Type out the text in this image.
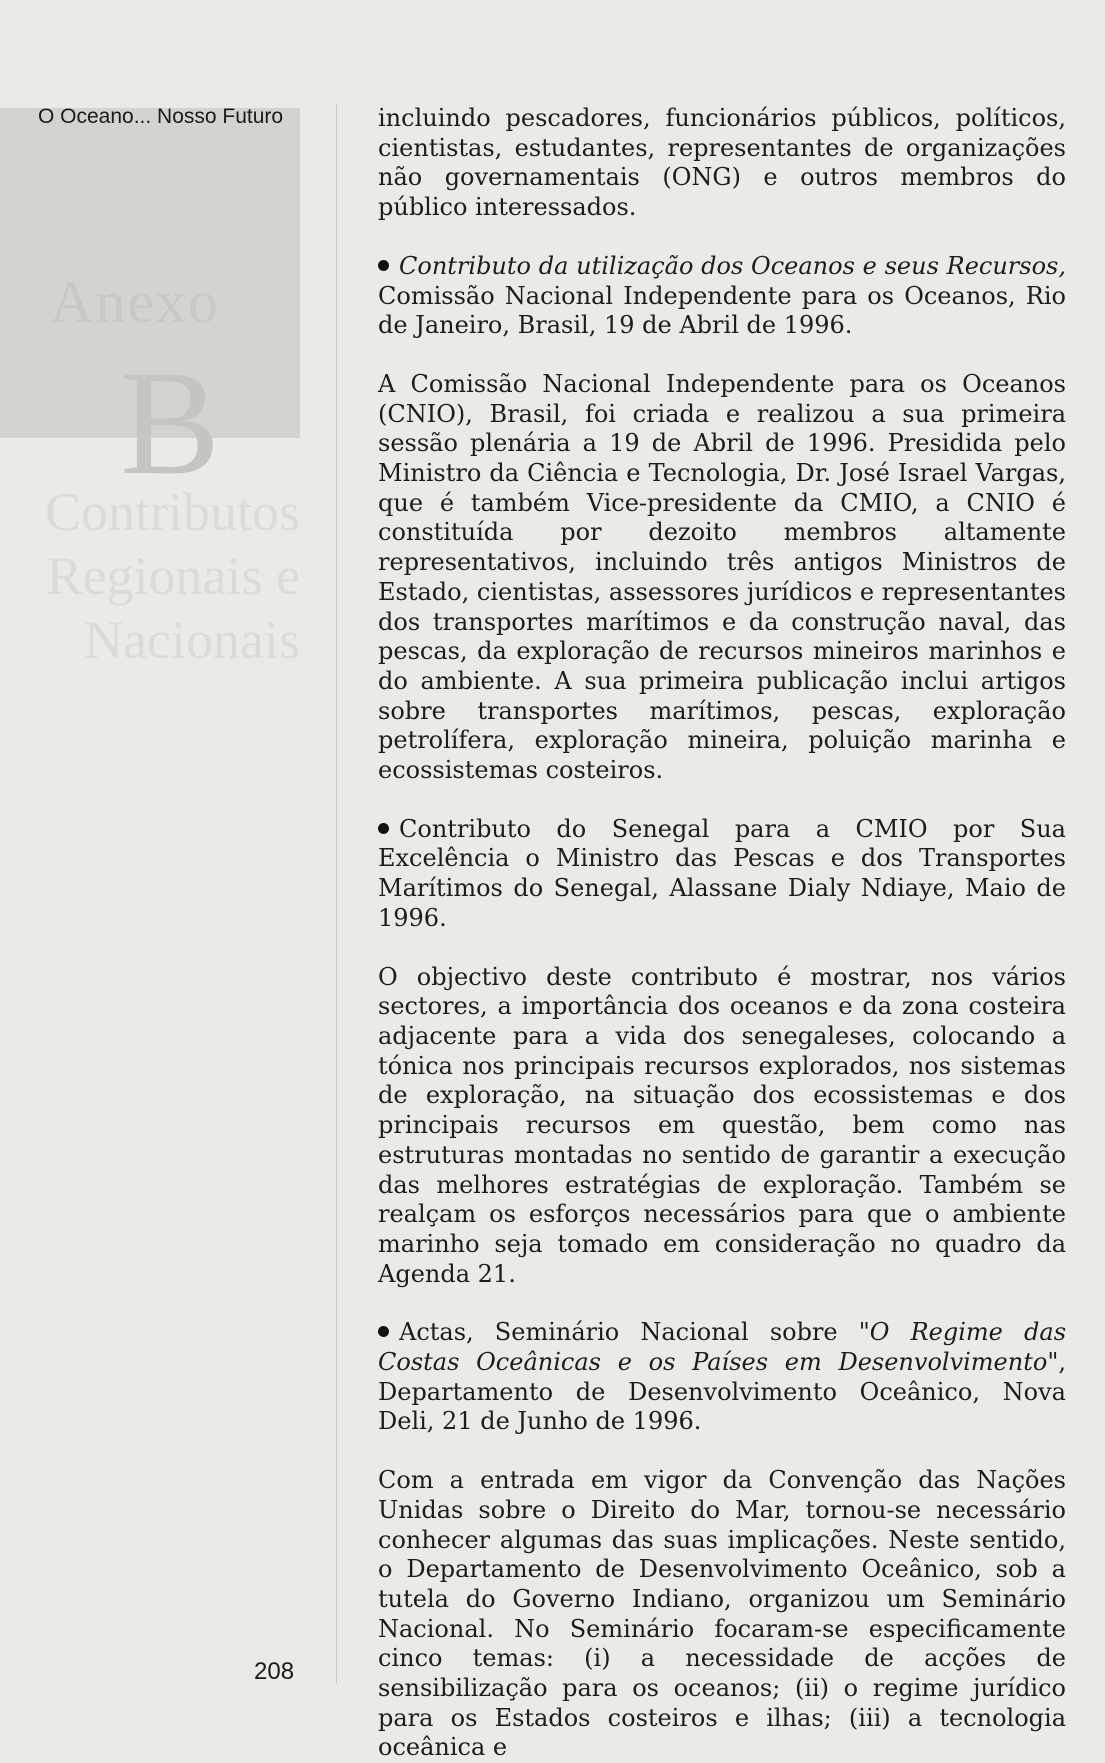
Anexo
B
Contributos
Regionais e
Nacionais
O Oceano... Nosso Futuro	incluindo pescadores, funcionários públicos, políticos, cientistas, estudantes, representantes de organizações não governamentais (ONG) e outros membros do público interessados.

Contributo da utilização dos Oceanos e seus Recursos, Comissão Nacional Independente para os Oceanos, Rio de Janeiro, Brasil, 19 de Abril de 1996.

A Comissão Nacional Independente para os Oceanos (CNIO), Brasil, foi criada e realizou a sua primeira sessão plenária a 19 de Abril de 1996. Presidida pelo Ministro da Ciência e Tecnologia, Dr. José Israel Vargas, que é também Vice-presidente da CMIO, a CNIO é constituída por dezoito membros altamente representativos, incluindo três antigos Ministros de Estado, cientistas, assessores jurídicos e representantes dos transportes marítimos e da construção naval, das pescas, da exploração de recursos mineiros marinhos e do ambiente. A sua primeira publicação inclui artigos sobre transportes marítimos, pescas, exploração petrolífera, exploração mineira, poluição marinha e ecossistemas costeiros.

Contributo do Senegal para a CMIO por Sua Excelência o Ministro das Pescas e dos Transportes Marítimos do Senegal, Alassane Dialy Ndiaye, Maio de 1996.

O objectivo deste contributo é mostrar, nos vários sectores, a importância dos oceanos e da zona costeira adjacente para a vida dos senegaleses, colocando a tónica nos principais recursos explorados, nos sistemas de exploração, na situação dos ecossistemas e dos principais recursos em questão, bem como nas estruturas montadas no sentido de garantir a execução das melhores estratégias de exploração. Também se realçam os esforços necessários para que o ambiente marinho seja tomado em consideração no quadro da Agenda 21.

Actas, Seminário Nacional sobre "O Regime das Costas Oceânicas e os Países em Desenvolvimento", Departamento de Desenvolvimento Oceânico, Nova Deli, 21 de Junho de 1996.

Com a entrada em vigor da Convenção das Nações Unidas sobre o Direito do Mar, tornou-se necessário conhecer algumas das suas implicações. Neste sentido, o Departamento de Desenvolvimento Oceânico, sob a tutela do Governo Indiano, organizou um Seminário Nacional. No Seminário focaram-se especificamente cinco temas: (i) a necessidade de acções de sensibilização para os oceanos; (ii) o regime jurídico para os Estados costeiros e ilhas; (iii) a tecnologia oceânica e

208
